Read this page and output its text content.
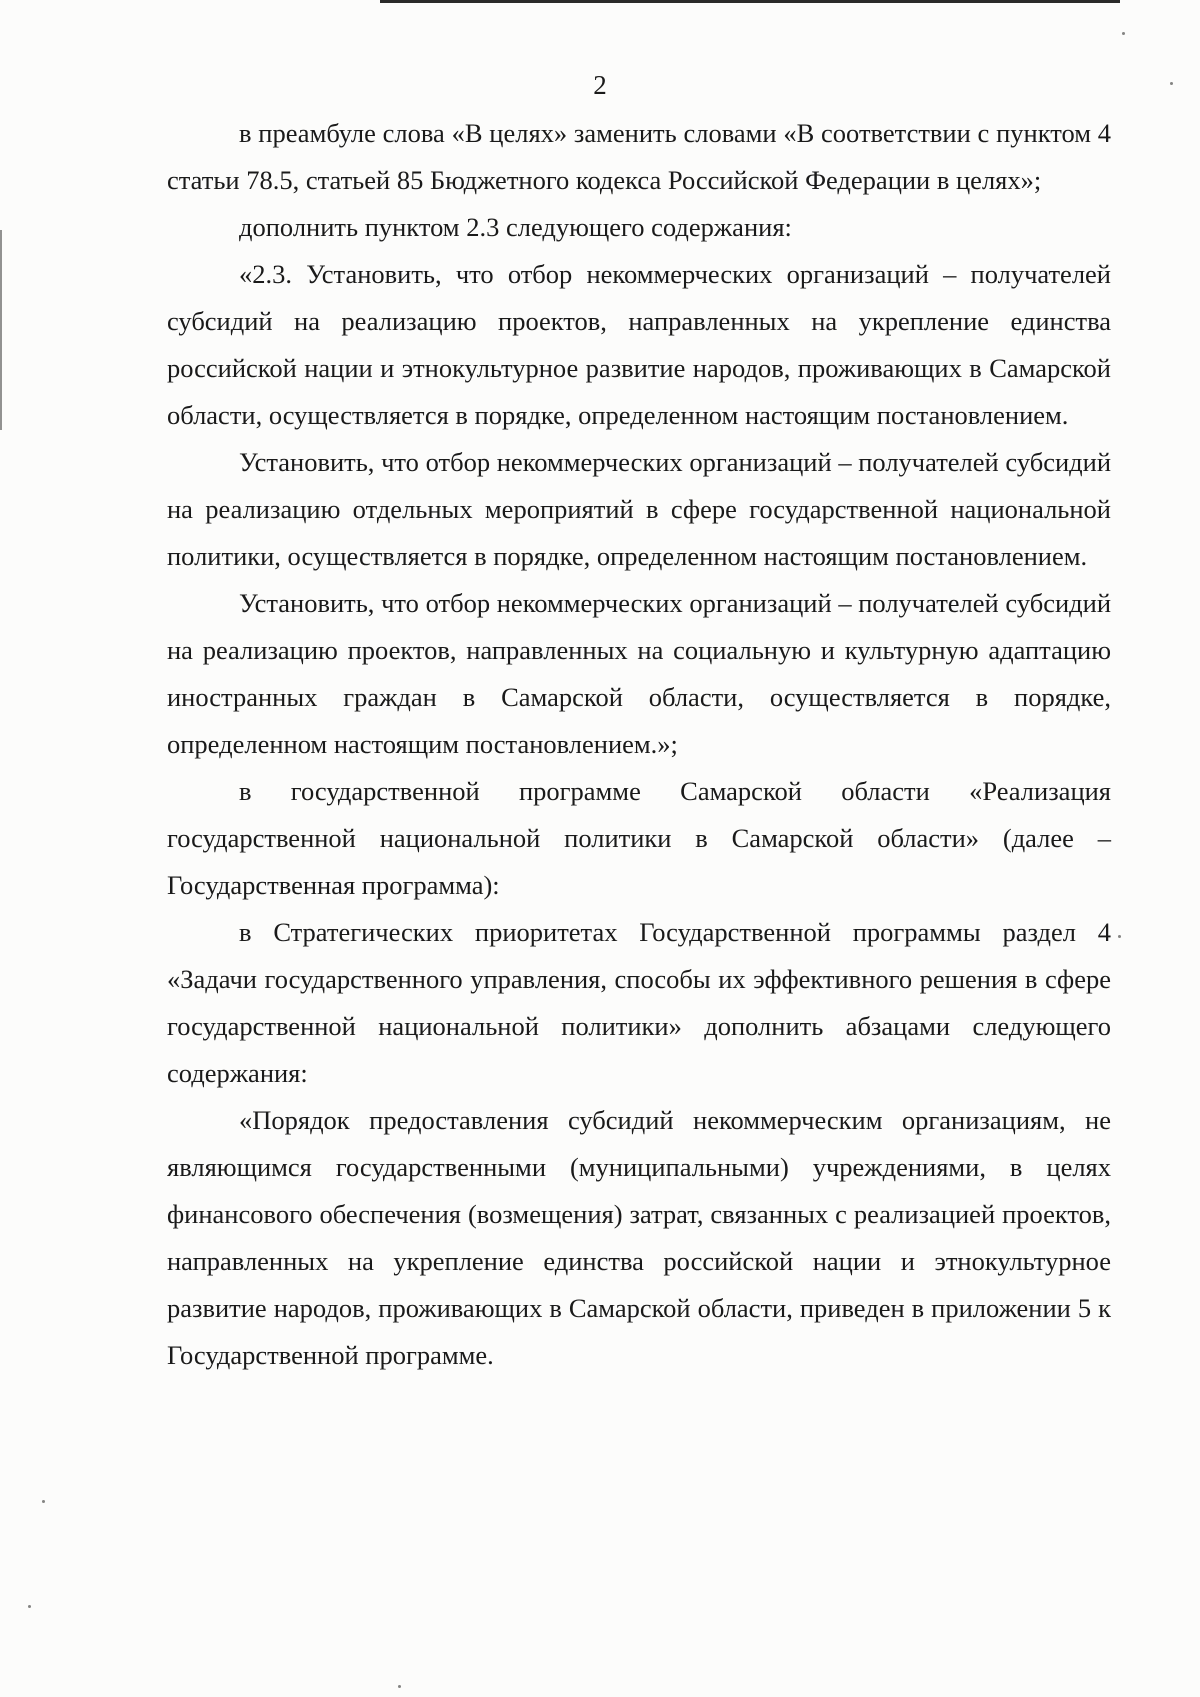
2

в преамбуле слова «В целях» заменить словами «В соответствии с пунктом 4 статьи 78.5, статьей 85 Бюджетного кодекса Российской Федерации в целях»;

дополнить пунктом 2.3 следующего содержания:

«2.3. Установить, что отбор некоммерческих организаций – получателей субсидий на реализацию проектов, направленных на укрепление единства российской нации и этнокультурное развитие народов, проживающих в Самарской области, осуществляется в порядке, определенном настоящим постановлением.

Установить, что отбор некоммерческих организаций – получателей субсидий на реализацию отдельных мероприятий в сфере государственной национальной политики, осуществляется в порядке, определенном настоящим постановлением.

Установить, что отбор некоммерческих организаций – получателей субсидий на реализацию проектов, направленных на социальную и культурную адаптацию иностранных граждан в Самарской области, осуществляется в порядке, определенном настоящим постановлением.»;

в государственной программе Самарской области «Реализация государственной национальной политики в Самарской области» (далее – Государственная программа):

в Стратегических приоритетах Государственной программы раздел 4 «Задачи государственного управления, способы их эффективного решения в сфере государственной национальной политики» дополнить абзацами следующего содержания:

«Порядок предоставления субсидий некоммерческим организациям, не являющимся государственными (муниципальными) учреждениями, в целях финансового обеспечения (возмещения) затрат, связанных с реализацией проектов, направленных на укрепление единства российской нации и этнокультурное развитие народов, проживающих в Самарской области, приведен в приложении 5 к Государственной программе.
